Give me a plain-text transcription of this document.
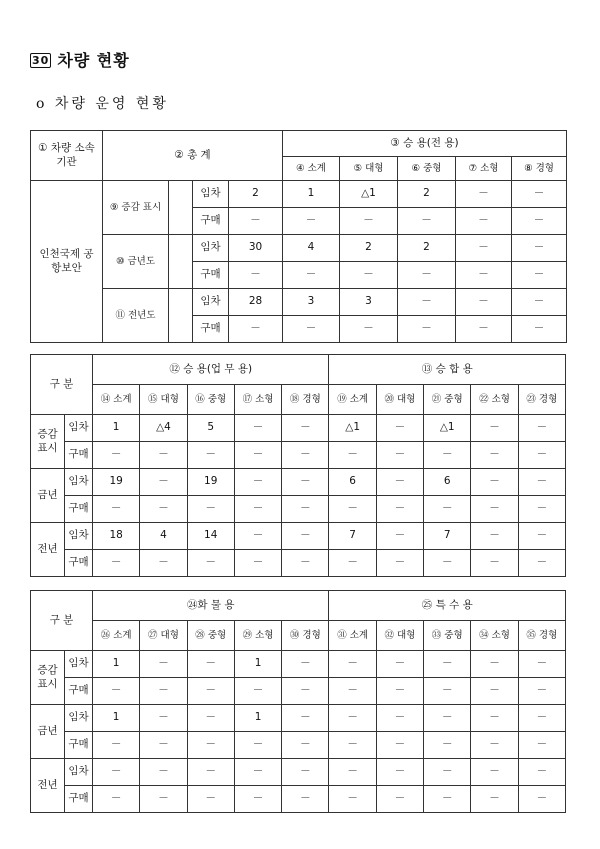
30 차량 현황
o 차량 운영 현황
① 차량 소속 기관	② 총 계				③ 승 용(전 용)				
					④ 소계	⑤ 대형	⑥ 중형	⑦ 소형	⑧ 경형
인천국제 공항보안	⑨ 증감 표시		임차	2	1	△1	2	－	－
			구매	－	－	－	－	－	－
	⑩ 금년도		임차	30	4	2	2	－	－
			구매	－	－	－	－	－	－
	⑪ 전년도		임차	28	3	3	－	－	－
			구매	－	－	－	－	－	－
구 분		⑫ 승 용(업 무 용)					⑬ 승 합 용				
		⑭ 소계	⑮ 대형	⑯ 중형	⑰ 소형	⑱ 경형	⑲ 소계	⑳ 대형	㉑ 중형	㉒ 소형	㉓ 경형
증감 표시	임차	1	△4	5	－	－	△1	－	△1	－	－
	구매	－	－	－	－	－	－	－	－	－	－
금년	임차	19	－	19	－	－	6	－	6	－	－
	구매	－	－	－	－	－	－	－	－	－	－
전년	임차	18	4	14	－	－	7	－	7	－	－
	구매	－	－	－	－	－	－	－	－	－	－
구 분		㉔화 물 용					㉕ 특 수 용				
		㉖ 소계	㉗ 대형	㉘ 중형	㉙ 소형	㉚ 경형	㉛ 소계	㉜ 대형	㉝ 중형	㉞ 소형	㉟ 경형
증감 표시	임차	1	－	－	1	－	－	－	－	－	－
	구매	－	－	－	－	－	－	－	－	－	－
금년	임차	1	－	－	1	－	－	－	－	－	－
	구매	－	－	－	－	－	－	－	－	－	－
전년	임차	－	－	－	－	－	－	－	－	－	－
	구매	－	－	－	－	－	－	－	－	－	－
